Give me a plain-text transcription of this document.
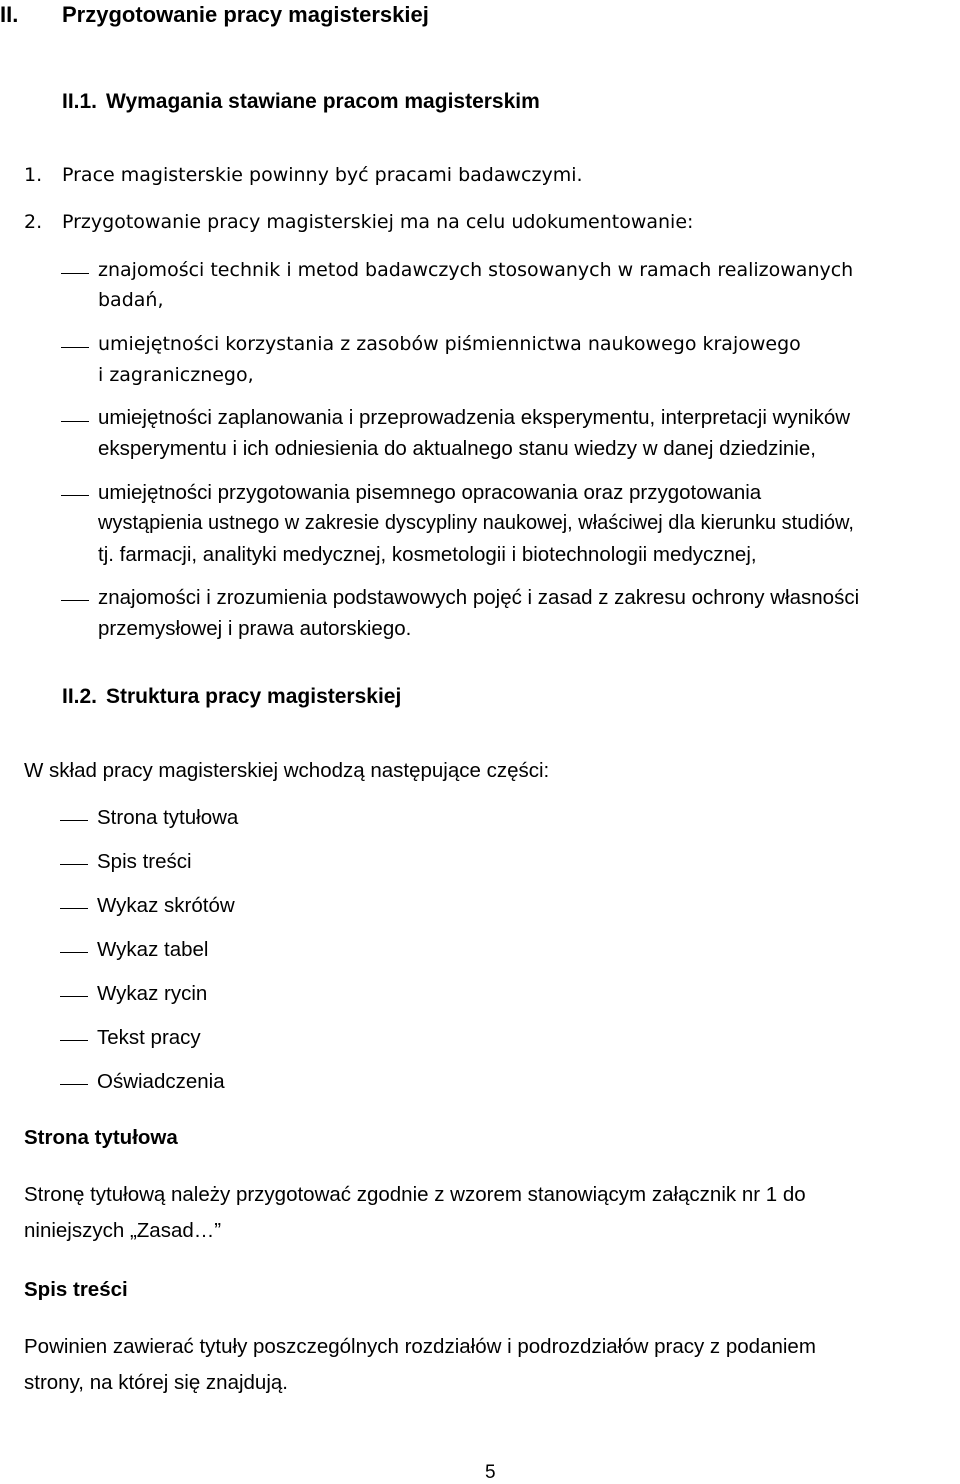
II. Przygotowanie pracy magisterskiej
II.1. Wymagania stawiane pracom magisterskim
1. Prace magisterskie powinny być pracami badawczymi.
2. Przygotowanie pracy magisterskiej ma na celu udokumentowanie:
znajomości technik i metod badawczych stosowanych w ramach realizowanych
badań,
umiejętności korzystania z zasobów piśmiennictwa naukowego krajowego
i zagranicznego,
umiejętności zaplanowania i przeprowadzenia eksperymentu, interpretacji wyników
eksperymentu i ich odniesienia do aktualnego stanu wiedzy w danej dziedzinie,
umiejętności przygotowania pisemnego opracowania oraz przygotowania
wystąpienia ustnego w zakresie dyscypliny naukowej, właściwej dla kierunku studiów,
tj. farmacji, analityki medycznej, kosmetologii i biotechnologii medycznej,
znajomości i zrozumienia podstawowych pojęć i zasad z zakresu ochrony własności
przemysłowej i prawa autorskiego.
II.2. Struktura pracy magisterskiej
W skład pracy magisterskiej wchodzą następujące części:
Strona tytułowa
Spis treści
Wykaz skrótów
Wykaz tabel
Wykaz rycin
Tekst pracy
Oświadczenia
Strona tytułowa
Stronę tytułową należy przygotować zgodnie z wzorem stanowiącym załącznik nr 1 do
niniejszych „Zasad…”
Spis treści
Powinien zawierać tytuły poszczególnych rozdziałów i podrozdziałów pracy z podaniem
strony, na której się znajdują.
5
